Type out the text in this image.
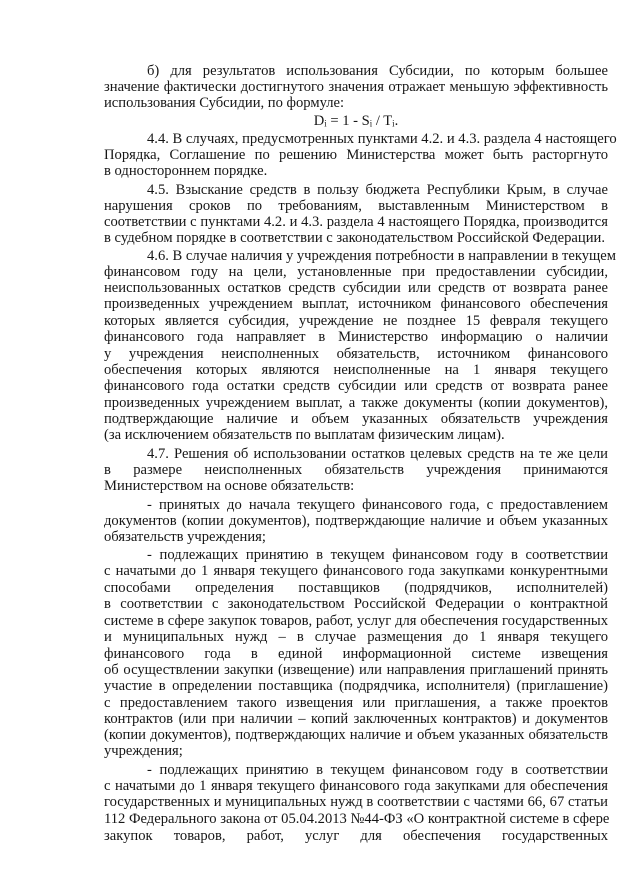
б) для результатов использования Субсидии, по которым большее
значение фактически достигнутого значения отражает меньшую эффективность
использования Субсидии, по формуле:
Dᵢ = 1 - Sᵢ / Tᵢ.
4.4. В случаях, предусмотренных пунктами 4.2. и 4.3. раздела 4 настоящего
Порядка, Соглашение по решению Министерства может быть расторгнуто
в одностороннем порядке.
4.5. Взыскание средств в пользу бюджета Республики Крым, в случае
нарушения сроков по требованиям, выставленным Министерством в
соответствии с пунктами 4.2. и 4.3. раздела 4 настоящего Порядка, производится
в судебном порядке в соответствии с законодательством Российской Федерации.
4.6. В случае наличия у учреждения потребности в направлении в текущем
финансовом году на цели, установленные при предоставлении субсидии,
неиспользованных остатков средств субсидии или средств от возврата ранее
произведенных учреждением выплат, источником финансового обеспечения
которых является субсидия, учреждение не позднее 15 февраля текущего
финансового года направляет в Министерство информацию о наличии
у учреждения неисполненных обязательств, источником финансового
обеспечения которых являются неисполненные на 1 января текущего
финансового года остатки средств субсидии или средств от возврата ранее
произведенных учреждением выплат, а также документы (копии документов),
подтверждающие наличие и объем указанных обязательств учреждения
(за исключением обязательств по выплатам физическим лицам).
4.7. Решения об использовании остатков целевых средств на те же цели
в размере неисполненных обязательств учреждения принимаются
Министерством на основе обязательств:
- принятых до начала текущего финансового года, с предоставлением
документов (копии документов), подтверждающие наличие и объем указанных
обязательств учреждения;
- подлежащих принятию в текущем финансовом году в соответствии
с начатыми до 1 января текущего финансового года закупками конкурентными
способами определения поставщиков (подрядчиков, исполнителей)
в соответствии с законодательством Российской Федерации о контрактной
системе в сфере закупок товаров, работ, услуг для обеспечения государственных
и муниципальных нужд – в случае размещения до 1 января текущего
финансового года в единой информационной системе извещения
об осуществлении закупки (извещение) или направления приглашений принять
участие в определении поставщика (подрядчика, исполнителя) (приглашение)
с предоставлением такого извещения или приглашения, а также проектов
контрактов (или при наличии – копий заключенных контрактов) и документов
(копии документов), подтверждающих наличие и объем указанных обязательств
учреждения;
- подлежащих принятию в текущем финансовом году в соответствии
с начатыми до 1 января текущего финансового года закупками для обеспечения
государственных и муниципальных нужд в соответствии с частями 66, 67 статьи
112 Федерального закона от 05.04.2013 №44-ФЗ «О контрактной системе в сфере
закупок товаров, работ, услуг для обеспечения государственных
